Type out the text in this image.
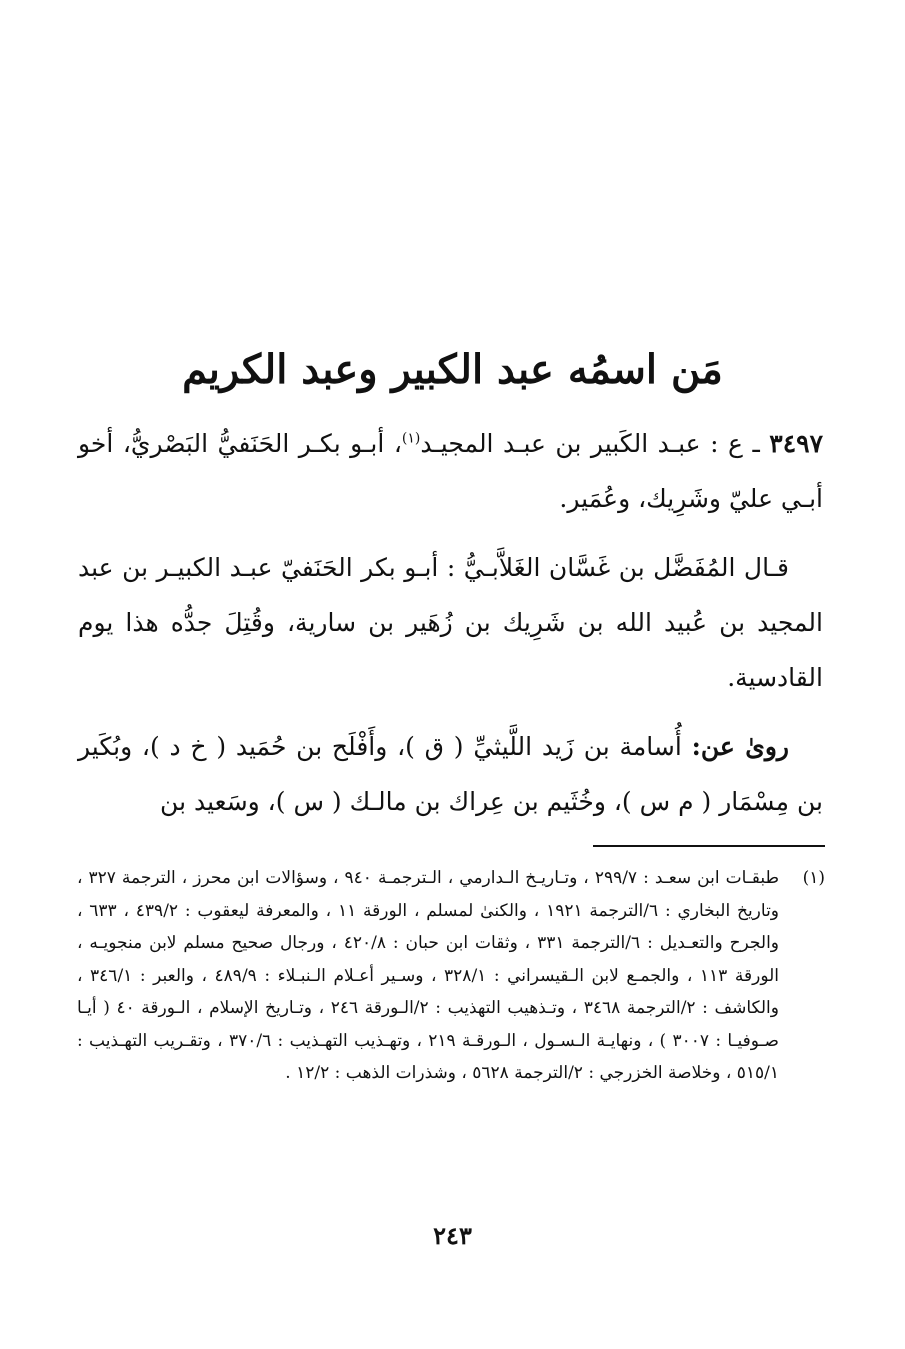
مَن اسمُه عبد الكبير وعبد الكريم

٣٤٩٧ ـ ع : عبـد الكَبير بن عبـد المجيـد$^{(١)}$، أبـو بكـر الحَنَفيُّ البَصْريُّ، أخو أبـي عليّ وشَرِيك، وعُمَير.

قـال المُفَضَّل بن غَسَّان الغَلاَّبـيُّ : أبـو بكر الحَنَفيّ عبـد الكبيـر بن عبد المجيد بن عُبيد الله بن شَرِيك بن زُهَير بن سارية، وقُتِلَ جدُّه هذا يوم القادسية.

روىٰ عن: أُسامة بن زَيد اللَّيثيِّ ( ق )، وأَفْلَح بن حُمَيد ( خ د )، وبُكَير بن مِسْمَار ( م س )، وخُثَيم بن عِراك بن مالـك ( س )، وسَعيد بن

(١)
طبقـات ابن سعـد : ٢٩٩/٧ ، وتـاريـخ الـدارمي ، الـترجمـة ٩٤٠ ، وسؤالات ابن محرز ، الترجمة ٣٢٧ ، وتاريخ البخاري : ٦/الترجمة ١٩٢١ ، والكنىٰ لمسلم ، الورقة ١١ ، والمعرفة ليعقوب : ٤٣٩/٢ ، ٦٣٣ ، والجرح والتعـديل : ٦/الترجمة ٣٣١ ، وثقات ابن حبان : ٤٢٠/٨ ، ورجال صحيح مسلم لابن منجويـه ، الورقة ١١٣ ، والجمـع لابن الـقيسراني : ٣٢٨/١ ، وسـير أعـلام الـنبـلاء : ٤٨٩/٩ ، والعبر : ٣٤٦/١ ، والكاشف : ٢/الترجمة ٣٤٦٨ ، وتـذهيب التهذيب : ٢/الـورقة ٢٤٦ ، وتـاريخ الإسلام ، الـورقة ٤٠ ( أيـا صـوفيـا : ٣٠٠٧ ) ، ونهايـة الـسـول ، الـورقـة ٢١٩ ، وتهـذيب التهـذيب : ٣٧٠/٦ ، وتقـريب التهـذيب : ٥١٥/١ ، وخلاصة الخزرجي : ٢/الترجمة ٥٦٢٨ ، وشذرات الذهب : ١٢/٢ .
٢٤٣
